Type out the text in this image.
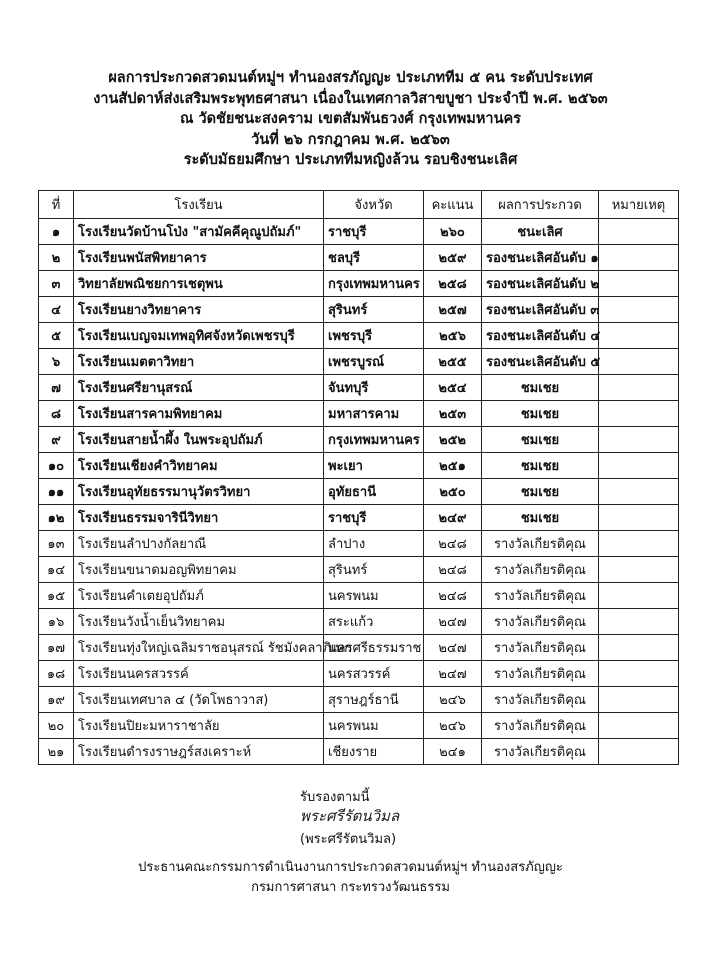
ผลการประกวดสวดมนต์หมู่ฯ ทำนองสรภัญญะ ประเภททีม ๕ คน ระดับประเทศ
งานสัปดาห์ส่งเสริมพระพุทธศาสนา เนื่องในเทศกาลวิสาขบูชา ประจำปี พ.ศ. ๒๕๖๓
ณ วัดชัยชนะสงคราม เขตสัมพันธวงศ์ กรุงเทพมหานคร
วันที่ ๒๖ กรกฎาคม พ.ศ. ๒๕๖๓
ระดับมัธยมศึกษา ประเภททีมหญิงล้วน รอบชิงชนะเลิศ
ที่	โรงเรียน	จังหวัด	คะแนน	ผลการประกวด	หมายเหตุ
๑	โรงเรียนวัดบ้านโป่ง "สามัคคีคุณูปถัมภ์"	ราชบุรี	๒๖๐	ชนะเลิศ	
๒	โรงเรียนพนัสพิทยาคาร	ชลบุรี	๒๕๙	รองชนะเลิศอันดับ ๑	
๓	วิทยาลัยพณิชยการเชตุพน	กรุงเทพมหานคร	๒๕๘	รองชนะเลิศอันดับ ๒	
๔	โรงเรียนยางวิทยาคาร	สุรินทร์	๒๕๗	รองชนะเลิศอันดับ ๓	
๕	โรงเรียนเบญจมเทพอุทิศจังหวัดเพชรบุรี	เพชรบุรี	๒๕๖	รองชนะเลิศอันดับ ๔	
๖	โรงเรียนเมตตาวิทยา	เพชรบูรณ์	๒๕๕	รองชนะเลิศอันดับ ๕	
๗	โรงเรียนศรียานุสรณ์	จันทบุรี	๒๕๔	ชมเชย	
๘	โรงเรียนสารคามพิทยาคม	มหาสารคาม	๒๕๓	ชมเชย	
๙	โรงเรียนสายน้ำผึ้ง ในพระอุปถัมภ์	กรุงเทพมหานคร	๒๕๒	ชมเชย	
๑๐	โรงเรียนเชียงคำวิทยาคม	พะเยา	๒๕๑	ชมเชย	
๑๑	โรงเรียนอุทัยธรรมานุวัตรวิทยา	อุทัยธานี	๒๕๐	ชมเชย	
๑๒	โรงเรียนธรรมจารินีวิทยา	ราชบุรี	๒๔๙	ชมเชย	
๑๓	โรงเรียนลำปางกัลยาณี	ลำปาง	๒๔๘	รางวัลเกียรติคุณ	
๑๔	โรงเรียนขนาดมอญพิทยาคม	สุรินทร์	๒๔๘	รางวัลเกียรติคุณ	
๑๕	โรงเรียนคำเตยอุปถัมภ์	นครพนม	๒๔๘	รางวัลเกียรติคุณ	
๑๖	โรงเรียนวังน้ำเย็นวิทยาคม	สระแก้ว	๒๔๗	รางวัลเกียรติคุณ	
๑๗	โรงเรียนทุ่งใหญ่เฉลิมราชอนุสรณ์ รัชมังคลาภิเษก	นครศรีธรรมราช	๒๔๗	รางวัลเกียรติคุณ	
๑๘	โรงเรียนนครสวรรค์	นครสวรรค์	๒๔๗	รางวัลเกียรติคุณ	
๑๙	โรงเรียนเทศบาล ๔ (วัดโพธาวาส)	สุราษฎร์ธานี	๒๔๖	รางวัลเกียรติคุณ	
๒๐	โรงเรียนปิยะมหาราชาลัย	นครพนม	๒๔๖	รางวัลเกียรติคุณ	
๒๑	โรงเรียนดำรงราษฎร์สงเคราะห์	เชียงราย	๒๔๑	รางวัลเกียรติคุณ	
รับรองตามนี้
พระศรีรัตนวิมล
(พระศรีรัตนวิมล)
ประธานคณะกรรมการดำเนินงานการประกวดสวดมนต์หมู่ฯ ทำนองสรภัญญะ
กรมการศาสนา กระทรวงวัฒนธรรม
